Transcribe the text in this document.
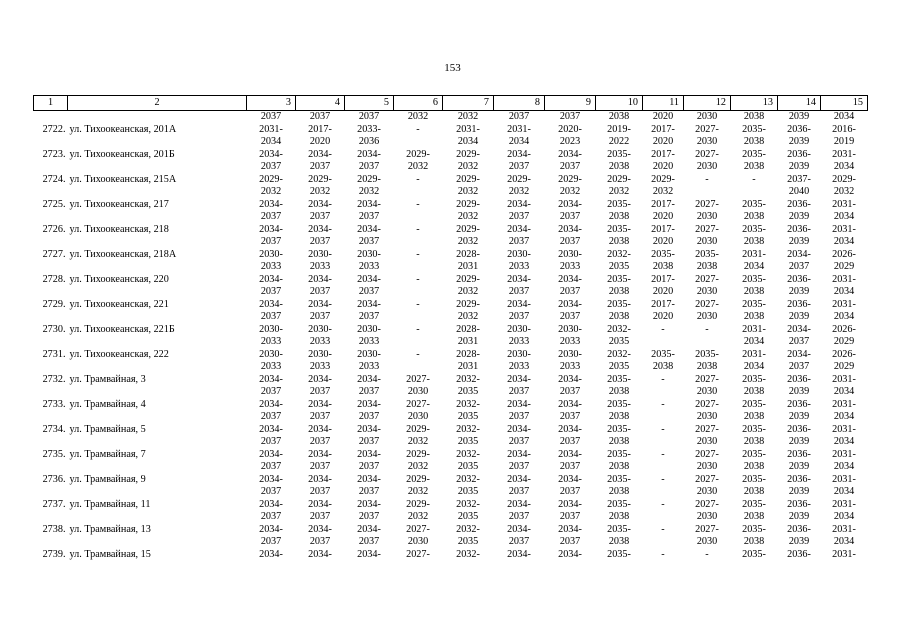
153
1	2	3	4	5	6	7	8	9	10	11	12	13	14	15
		2037	2037	2037	2032	2032	2037	2037	2038	2020	2030	2038	2039	2034
2722.	ул. Тихоокеанская, 201А	2031-	2017-	2033-	-	2031-	2031-	2020-	2019-	2017-	2027-	2035-	2036-	2016-
		2034	2020	2036		2034	2034	2023	2022	2020	2030	2038	2039	2019
2723.	ул. Тихоокеанская, 201Б	2034-	2034-	2034-	2029-	2029-	2034-	2034-	2035-	2017-	2027-	2035-	2036-	2031-
		2037	2037	2037	2032	2032	2037	2037	2038	2020	2030	2038	2039	2034
2724.	ул. Тихоокеанская, 215А	2029-	2029-	2029-	-	2029-	2029-	2029-	2029-	2029-	-	-	2037-	2029-
		2032	2032	2032		2032	2032	2032	2032	2032			2040	2032
2725.	ул. Тихоокеанская, 217	2034-	2034-	2034-	-	2029-	2034-	2034-	2035-	2017-	2027-	2035-	2036-	2031-
		2037	2037	2037		2032	2037	2037	2038	2020	2030	2038	2039	2034
2726.	ул. Тихоокеанская, 218	2034-	2034-	2034-	-	2029-	2034-	2034-	2035-	2017-	2027-	2035-	2036-	2031-
		2037	2037	2037		2032	2037	2037	2038	2020	2030	2038	2039	2034
2727.	ул. Тихоокеанская, 218А	2030-	2030-	2030-	-	2028-	2030-	2030-	2032-	2035-	2035-	2031-	2034-	2026-
		2033	2033	2033		2031	2033	2033	2035	2038	2038	2034	2037	2029
2728.	ул. Тихоокеанская, 220	2034-	2034-	2034-	-	2029-	2034-	2034-	2035-	2017-	2027-	2035-	2036-	2031-
		2037	2037	2037		2032	2037	2037	2038	2020	2030	2038	2039	2034
2729.	ул. Тихоокеанская, 221	2034-	2034-	2034-	-	2029-	2034-	2034-	2035-	2017-	2027-	2035-	2036-	2031-
		2037	2037	2037		2032	2037	2037	2038	2020	2030	2038	2039	2034
2730.	ул. Тихоокеанская, 221Б	2030-	2030-	2030-	-	2028-	2030-	2030-	2032-	-	-	2031-	2034-	2026-
		2033	2033	2033		2031	2033	2033	2035			2034	2037	2029
2731.	ул. Тихоокеанская, 222	2030-	2030-	2030-	-	2028-	2030-	2030-	2032-	2035-	2035-	2031-	2034-	2026-
		2033	2033	2033		2031	2033	2033	2035	2038	2038	2034	2037	2029
2732.	ул. Трамвайная, 3	2034-	2034-	2034-	2027-	2032-	2034-	2034-	2035-	-	2027-	2035-	2036-	2031-
		2037	2037	2037	2030	2035	2037	2037	2038		2030	2038	2039	2034
2733.	ул. Трамвайная, 4	2034-	2034-	2034-	2027-	2032-	2034-	2034-	2035-	-	2027-	2035-	2036-	2031-
		2037	2037	2037	2030	2035	2037	2037	2038		2030	2038	2039	2034
2734.	ул. Трамвайная, 5	2034-	2034-	2034-	2029-	2032-	2034-	2034-	2035-	-	2027-	2035-	2036-	2031-
		2037	2037	2037	2032	2035	2037	2037	2038		2030	2038	2039	2034
2735.	ул. Трамвайная, 7	2034-	2034-	2034-	2029-	2032-	2034-	2034-	2035-	-	2027-	2035-	2036-	2031-
		2037	2037	2037	2032	2035	2037	2037	2038		2030	2038	2039	2034
2736.	ул. Трамвайная, 9	2034-	2034-	2034-	2029-	2032-	2034-	2034-	2035-	-	2027-	2035-	2036-	2031-
		2037	2037	2037	2032	2035	2037	2037	2038		2030	2038	2039	2034
2737.	ул. Трамвайная, 11	2034-	2034-	2034-	2029-	2032-	2034-	2034-	2035-	-	2027-	2035-	2036-	2031-
		2037	2037	2037	2032	2035	2037	2037	2038		2030	2038	2039	2034
2738.	ул. Трамвайная, 13	2034-	2034-	2034-	2027-	2032-	2034-	2034-	2035-	-	2027-	2035-	2036-	2031-
		2037	2037	2037	2030	2035	2037	2037	2038		2030	2038	2039	2034
2739.	ул. Трамвайная, 15	2034-	2034-	2034-	2027-	2032-	2034-	2034-	2035-	-	-	2035-	2036-	2031-
